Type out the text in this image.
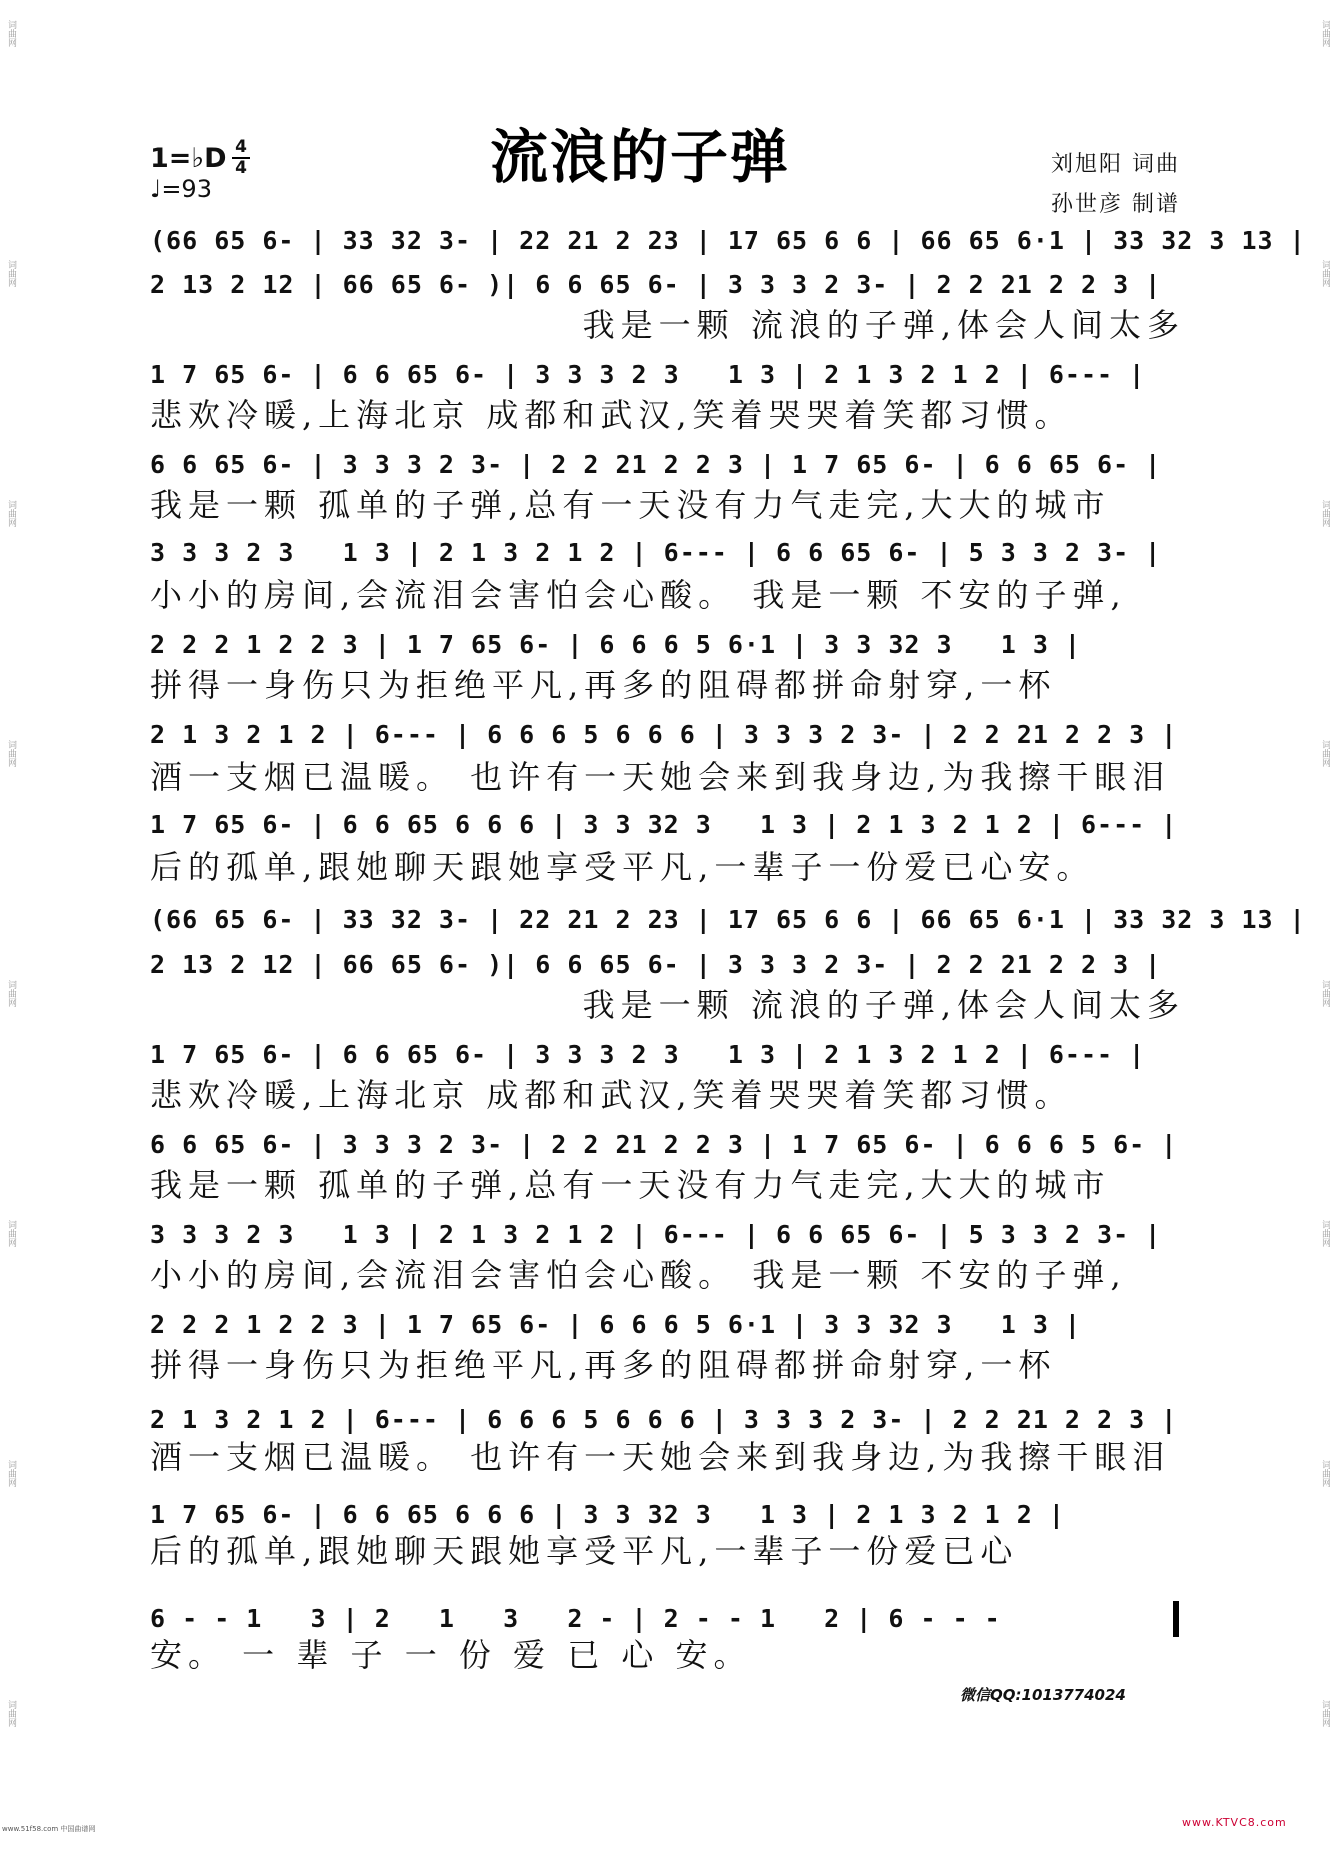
词曲网
词曲网
词曲网
词曲网
词曲网
词曲网
词曲网
词曲网
词曲网
词曲网
词曲网
词曲网
词曲网
词曲网
词曲网
词曲网
流浪的子弹
1=♭D 4
4
♩=93
刘旭阳 词曲
孙世彦 制谱
(66 65 6- | 33 32 3- | 22 21 2 23 | 17 65 6 6 | 66 65 6·1 | 33 32 3 13 |
2 13 2 12 | 66 65 6- )| 6 6 65 6- | 3 3 3 2 3- | 2 2 21 2 2 3 |
我是一颗 流浪的子弹,体会人间太多
1 7 65 6- | 6 6 65 6- | 3 3 3 2 3   1 3 | 2 1 3 2 1 2 | 6--- |
悲欢冷暖,上海北京 成都和武汉,笑着哭哭着笑都习惯。
6 6 65 6- | 3 3 3 2 3- | 2 2 21 2 2 3 | 1 7 65 6- | 6 6 65 6- |
我是一颗 孤单的子弹,总有一天没有力气走完,大大的城市
3 3 3 2 3   1 3 | 2 1 3 2 1 2 | 6--- | 6 6 65 6- | 5 3 3 2 3- |
小小的房间,会流泪会害怕会心酸。 我是一颗 不安的子弹,
2 2 2 1 2 2 3 | 1 7 65 6- | 6 6 6 5 6·1 | 3 3 32 3   1 3 |
拼得一身伤只为拒绝平凡,再多的阻碍都拼命射穿,一杯
2 1 3 2 1 2 | 6--- | 6 6 6 5 6 6 6 | 3 3 3 2 3- | 2 2 21 2 2 3 |
酒一支烟已温暖。 也许有一天她会来到我身边,为我擦干眼泪
1 7 65 6- | 6 6 65 6 6 6 | 3 3 32 3   1 3 | 2 1 3 2 1 2 | 6--- |
后的孤单,跟她聊天跟她享受平凡,一辈子一份爱已心安。
(66 65 6- | 33 32 3- | 22 21 2 23 | 17 65 6 6 | 66 65 6·1 | 33 32 3 13 |
2 13 2 12 | 66 65 6- )| 6 6 65 6- | 3 3 3 2 3- | 2 2 21 2 2 3 |
我是一颗 流浪的子弹,体会人间太多
1 7 65 6- | 6 6 65 6- | 3 3 3 2 3   1 3 | 2 1 3 2 1 2 | 6--- |
悲欢冷暖,上海北京 成都和武汉,笑着哭哭着笑都习惯。
6 6 65 6- | 3 3 3 2 3- | 2 2 21 2 2 3 | 1 7 65 6- | 6 6 6 5 6- |
我是一颗 孤单的子弹,总有一天没有力气走完,大大的城市
3 3 3 2 3   1 3 | 2 1 3 2 1 2 | 6--- | 6 6 65 6- | 5 3 3 2 3- |
小小的房间,会流泪会害怕会心酸。 我是一颗 不安的子弹,
2 2 2 1 2 2 3 | 1 7 65 6- | 6 6 6 5 6·1 | 3 3 32 3   1 3 |
拼得一身伤只为拒绝平凡,再多的阻碍都拼命射穿,一杯
2 1 3 2 1 2 | 6--- | 6 6 6 5 6 6 6 | 3 3 3 2 3- | 2 2 21 2 2 3 |
酒一支烟已温暖。 也许有一天她会来到我身边,为我擦干眼泪
1 7 65 6- | 6 6 65 6 6 6 | 3 3 32 3   1 3 | 2 1 3 2 1 2 |
后的孤单,跟她聊天跟她享受平凡,一辈子一份爱已心
6 - - 1   3 | 2   1   3   2 - | 2 - - 1   2 | 6 - - -
安。 一 辈 子 一 份 爱 已 心 安。
微信QQ:1013774024
www.51f58.com 中国曲谱网	www.KTVC8.com
